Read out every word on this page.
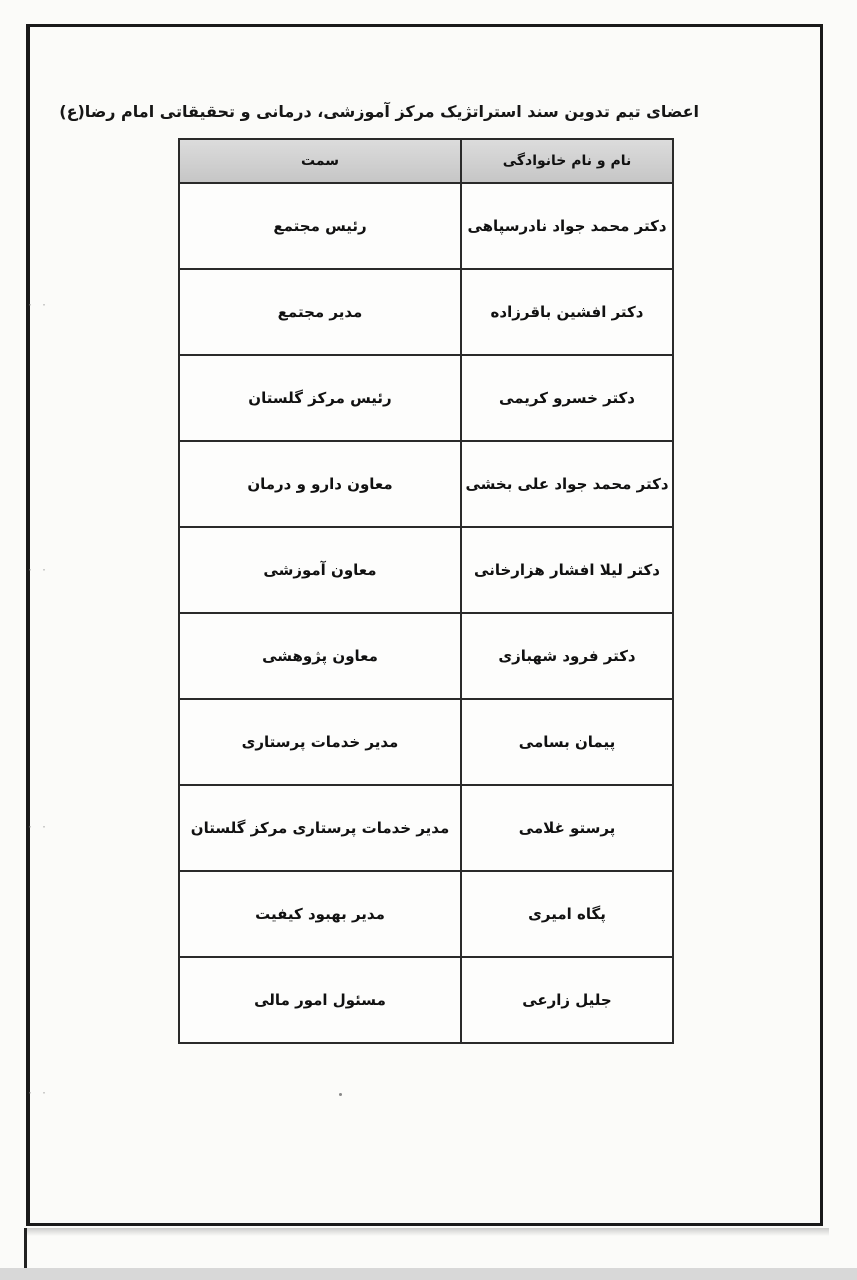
· ·
· ·
· ·
· ·
اعضای تیم تدوین سند استراتژیک مرکز آموزشی، درمانی و تحقیقاتی امام رضا(ع)
نام و نام خانوادگی	سمت
دکتر محمد جواد نادرسپاهی	رئیس مجتمع
دکتر افشین باقرزاده	مدیر مجتمع
دکتر خسرو کریمی	رئیس مرکز گلستان
دکتر محمد جواد علی بخشی	معاون دارو و درمان
دکتر لیلا افشار هزارخانی	معاون آموزشی
دکتر فرود شهبازی	معاون پژوهشی
پیمان بسامی	مدیر خدمات پرستاری
پرستو غلامی	مدیر خدمات پرستاری مرکز گلستان
پگاه امیری	مدیر بهبود کیفیت
جلیل زارعی	مسئول امور مالی
